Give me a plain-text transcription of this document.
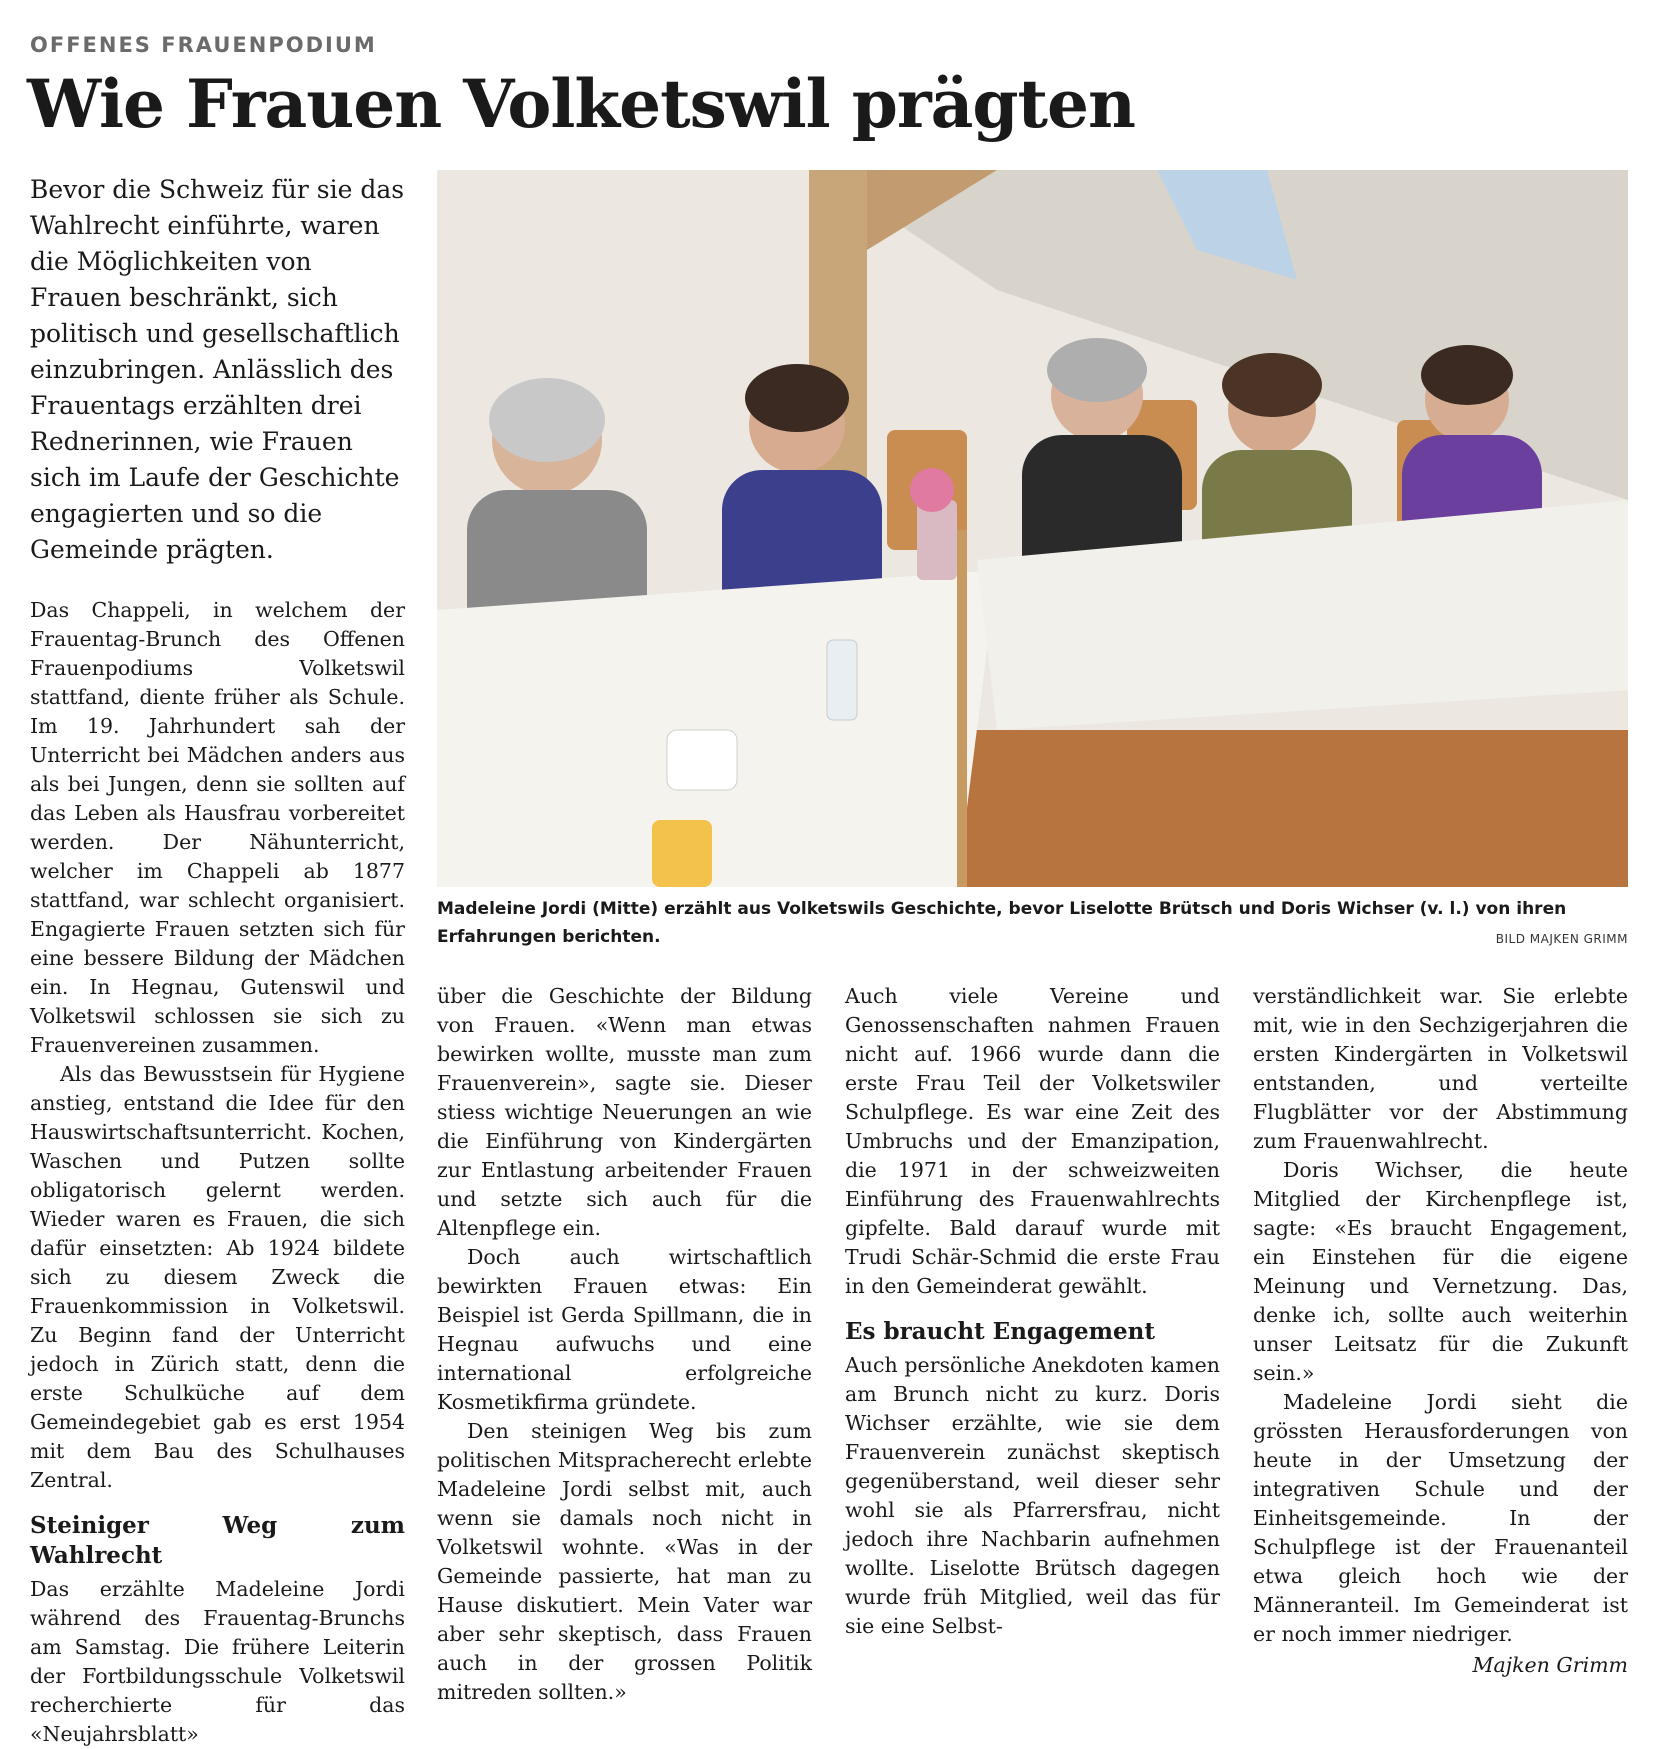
OFFENES FRAUENPODIUM
Wie Frauen Volketswil prägten
Bevor die Schweiz für sie das Wahlrecht einführte, waren die Möglichkeiten von Frauen beschränkt, sich politisch und gesellschaftlich einzubringen. Anlässlich des Frauentags erzählten drei Rednerinnen, wie Frauen sich im Laufe der Geschichte engagierten und so die Gemeinde prägten.

Das Chappeli, in welchem der Frauentag-Brunch des Offenen Frauenpodiums Volketswil stattfand, diente früher als Schule. Im 19. Jahrhundert sah der Unterricht bei Mädchen anders aus als bei Jungen, denn sie sollten auf das Leben als Hausfrau vorbereitet werden. Der Nähunterricht, welcher im Chappeli ab 1877 stattfand, war schlecht organisiert. Engagierte Frauen setzten sich für eine bessere Bildung der Mädchen ein. In Hegnau, Gutenswil und Volketswil schlossen sie sich zu Frauenvereinen zusammen.

Als das Bewusstsein für Hygiene anstieg, entstand die Idee für den Hauswirtschaftsunterricht. Kochen, Waschen und Putzen sollte obligatorisch gelernt werden. Wieder waren es Frauen, die sich dafür einsetzten: Ab 1924 bildete sich zu diesem Zweck die Frauenkommission in Volketswil. Zu Beginn fand der Unterricht jedoch in Zürich statt, denn die erste Schulküche auf dem Gemeindegebiet gab es erst 1954 mit dem Bau des Schulhauses Zentral.

Steiniger Weg zum Wahlrecht

Das erzählte Madeleine Jordi während des Frauentag-Brunchs am Samstag. Die frühere Leiterin der Fortbildungsschule Volketswil recherchierte für das «Neujahrsblatt»

Madeleine Jordi (Mitte) erzählt aus Volketswils Geschichte, bevor Liselotte Brütsch und Doris Wichser (v. l.) von ihren Erfahrungen berichten.	BILD MAJKEN GRIMM

über die Geschichte der Bildung von Frauen. «Wenn man etwas bewirken wollte, musste man zum Frauenverein», sagte sie. Dieser stiess wichtige Neuerungen an wie die Einführung von Kindergärten zur Entlastung arbeitender Frauen und setzte sich auch für die Altenpflege ein.

Doch auch wirtschaftlich bewirkten Frauen etwas: Ein Beispiel ist Gerda Spillmann, die in Hegnau aufwuchs und eine international erfolgreiche Kosmetikfirma gründete.

Den steinigen Weg bis zum politischen Mitspracherecht erlebte Madeleine Jordi selbst mit, auch wenn sie damals noch nicht in Volketswil wohnte. «Was in der Gemeinde passierte, hat man zu Hause diskutiert. Mein Vater war aber sehr skeptisch, dass Frauen auch in der grossen Politik mitreden sollten.»

Auch viele Vereine und Genossenschaften nahmen Frauen nicht auf. 1966 wurde dann die erste Frau Teil der Volketswiler Schulpflege. Es war eine Zeit des Umbruchs und der Emanzipation, die 1971 in der schweizweiten Einführung des Frauenwahlrechts gipfelte. Bald darauf wurde mit Trudi Schär-Schmid die erste Frau in den Gemeinderat gewählt.

Es braucht Engagement

Auch persönliche Anekdoten kamen am Brunch nicht zu kurz. Doris Wichser erzählte, wie sie dem Frauenverein zunächst skeptisch gegenüberstand, weil dieser sehr wohl sie als Pfarrersfrau, nicht jedoch ihre Nachbarin aufnehmen wollte. Liselotte Brütsch dagegen wurde früh Mitglied, weil das für sie eine Selbst-

verständlichkeit war. Sie erlebte mit, wie in den Sechzigerjahren die ersten Kindergärten in Volketswil entstanden, und verteilte Flugblätter vor der Abstimmung zum Frauenwahlrecht.

Doris Wichser, die heute Mitglied der Kirchenpflege ist, sagte: «Es braucht Engagement, ein Einstehen für die eigene Meinung und Vernetzung. Das, denke ich, sollte auch weiterhin unser Leitsatz für die Zukunft sein.»

Madeleine Jordi sieht die grössten Herausforderungen von heute in der Umsetzung der integrativen Schule und der Einheitsgemeinde. In der Schulpflege ist der Frauenanteil etwa gleich hoch wie der Männeranteil. Im Gemeinderat ist er noch immer niedriger.

Majken Grimm
